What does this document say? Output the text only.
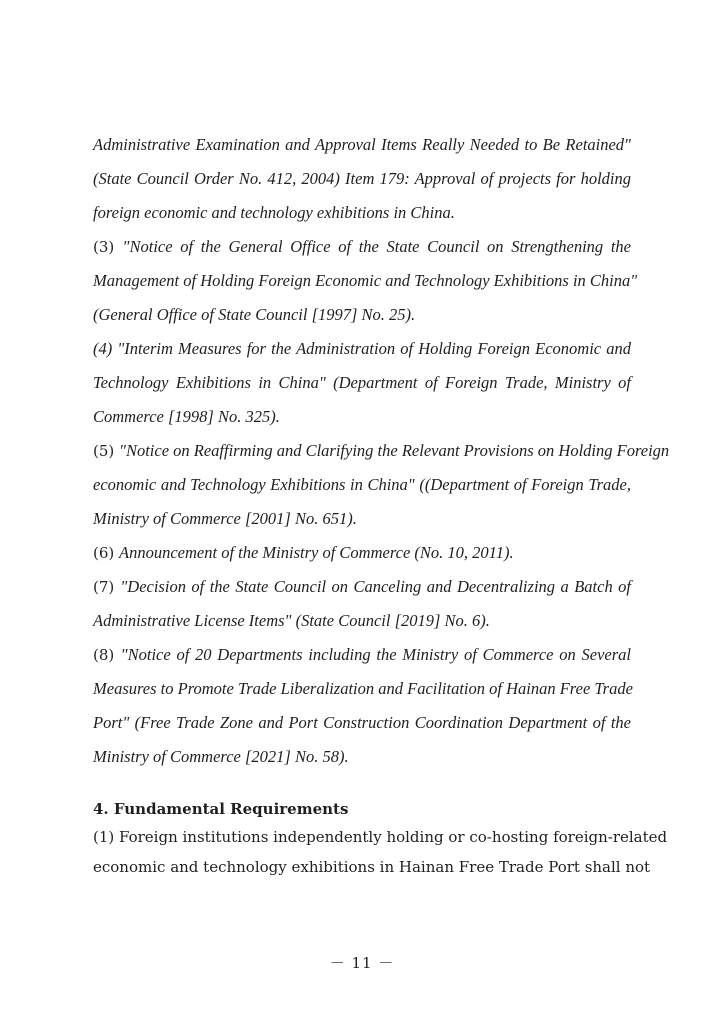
Administrative Examination and Approval Items Really Needed to Be Retained"
(State Council Order No. 412, 2004) Item 179: Approval of projects for holding
foreign economic and technology exhibitions in China.
(3) "Notice of the General Office of the State Council on Strengthening the
Management of Holding Foreign Economic and Technology Exhibitions in China"
(General Office of State Council [1997] No. 25).
(4) "Interim Measures for the Administration of Holding Foreign Economic and
Technology Exhibitions in China" (Department of Foreign Trade, Ministry of
Commerce [1998] No. 325).
(5) "Notice on Reaffirming and Clarifying the Relevant Provisions on Holding Foreign
economic and Technology Exhibitions in China" ((Department of Foreign Trade,
Ministry of Commerce [2001] No. 651).
(6) Announcement of the Ministry of Commerce (No. 10, 2011).
(7) "Decision of the State Council on Canceling and Decentralizing a Batch of
Administrative License Items" (State Council [2019] No. 6).
(8) "Notice of 20 Departments including the Ministry of Commerce on Several
Measures to Promote Trade Liberalization and Facilitation of Hainan Free Trade
Port" (Free Trade Zone and Port Construction Coordination Department of the
Ministry of Commerce [2021] No. 58).
4. Fundamental Requirements
(1) Foreign institutions independently holding or co-hosting foreign-related
economic and technology exhibitions in Hainan Free Trade Port shall not
－ 11 －
